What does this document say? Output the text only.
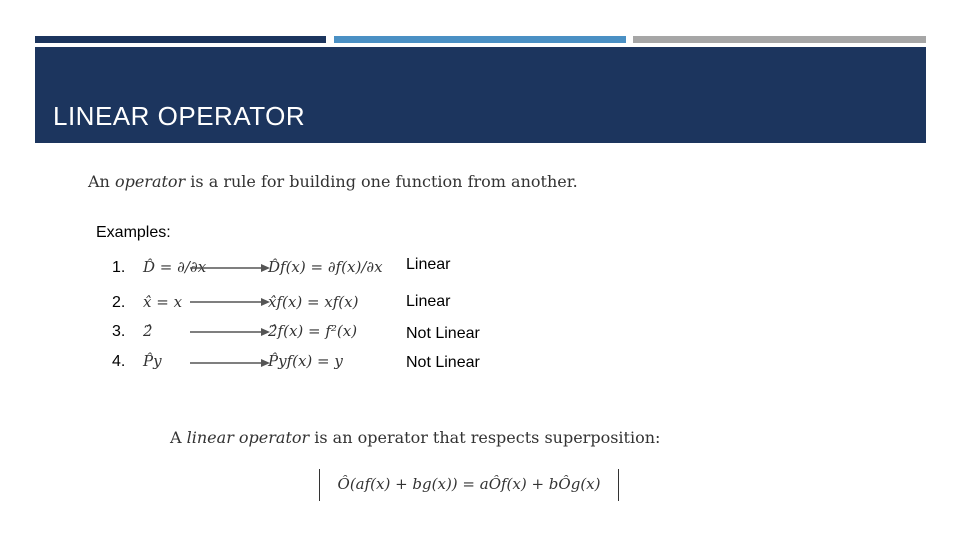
LINEAR OPERATOR
An operator is a rule for building one function from another.
Examples:
1. D̂ = ∂/∂x	D̂f(x) = ∂f(x)/∂x Linear
2. x̂ = x	x̂f(x) = xf(x)	Linear
3. 2̂	2̂f(x) = f²(x)	Not Linear
4. P̂y	P̂yf(x) = y	Not Linear
A linear operator is an operator that respects superposition:
Ô(af(x) + bg(x)) = aÔf(x) + bÔg(x)
